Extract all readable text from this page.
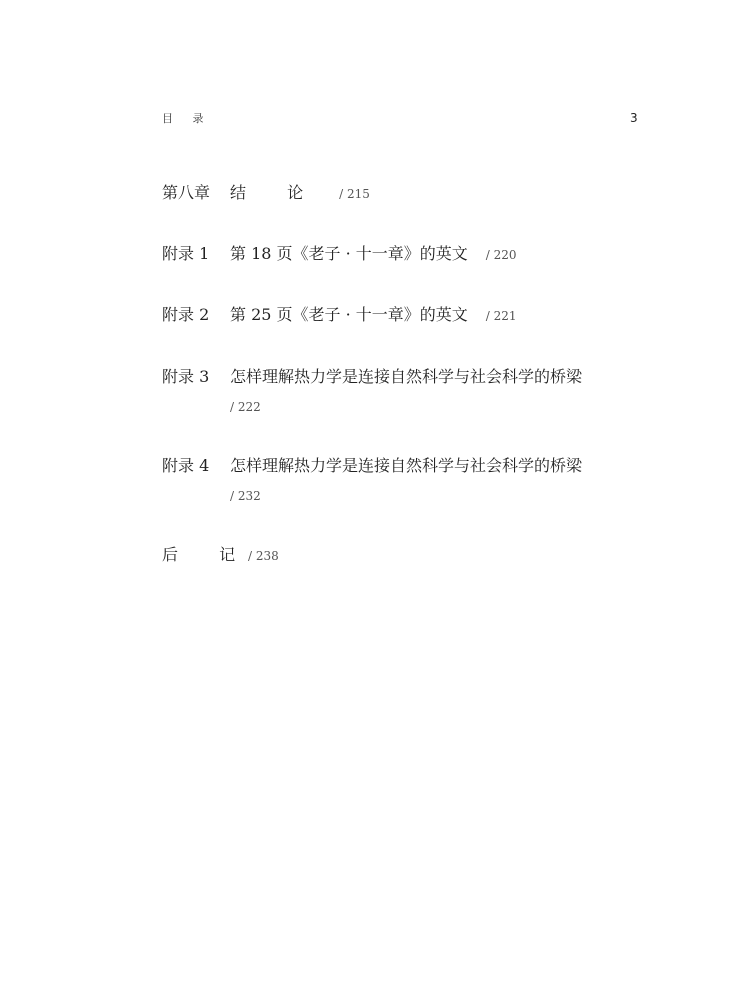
目 录	3
第八章 结 论 / 215
附录 1 第 18 页《老子 · 十一章》的英文 / 220
附录 2 第 25 页《老子 · 十一章》的英文 / 221
附录 3 怎样理解热力学是连接自然科学与社会科学的桥梁
/ 222
附录 4 怎样理解热力学是连接自然科学与社会科学的桥梁
/ 232
后 记/ 238
